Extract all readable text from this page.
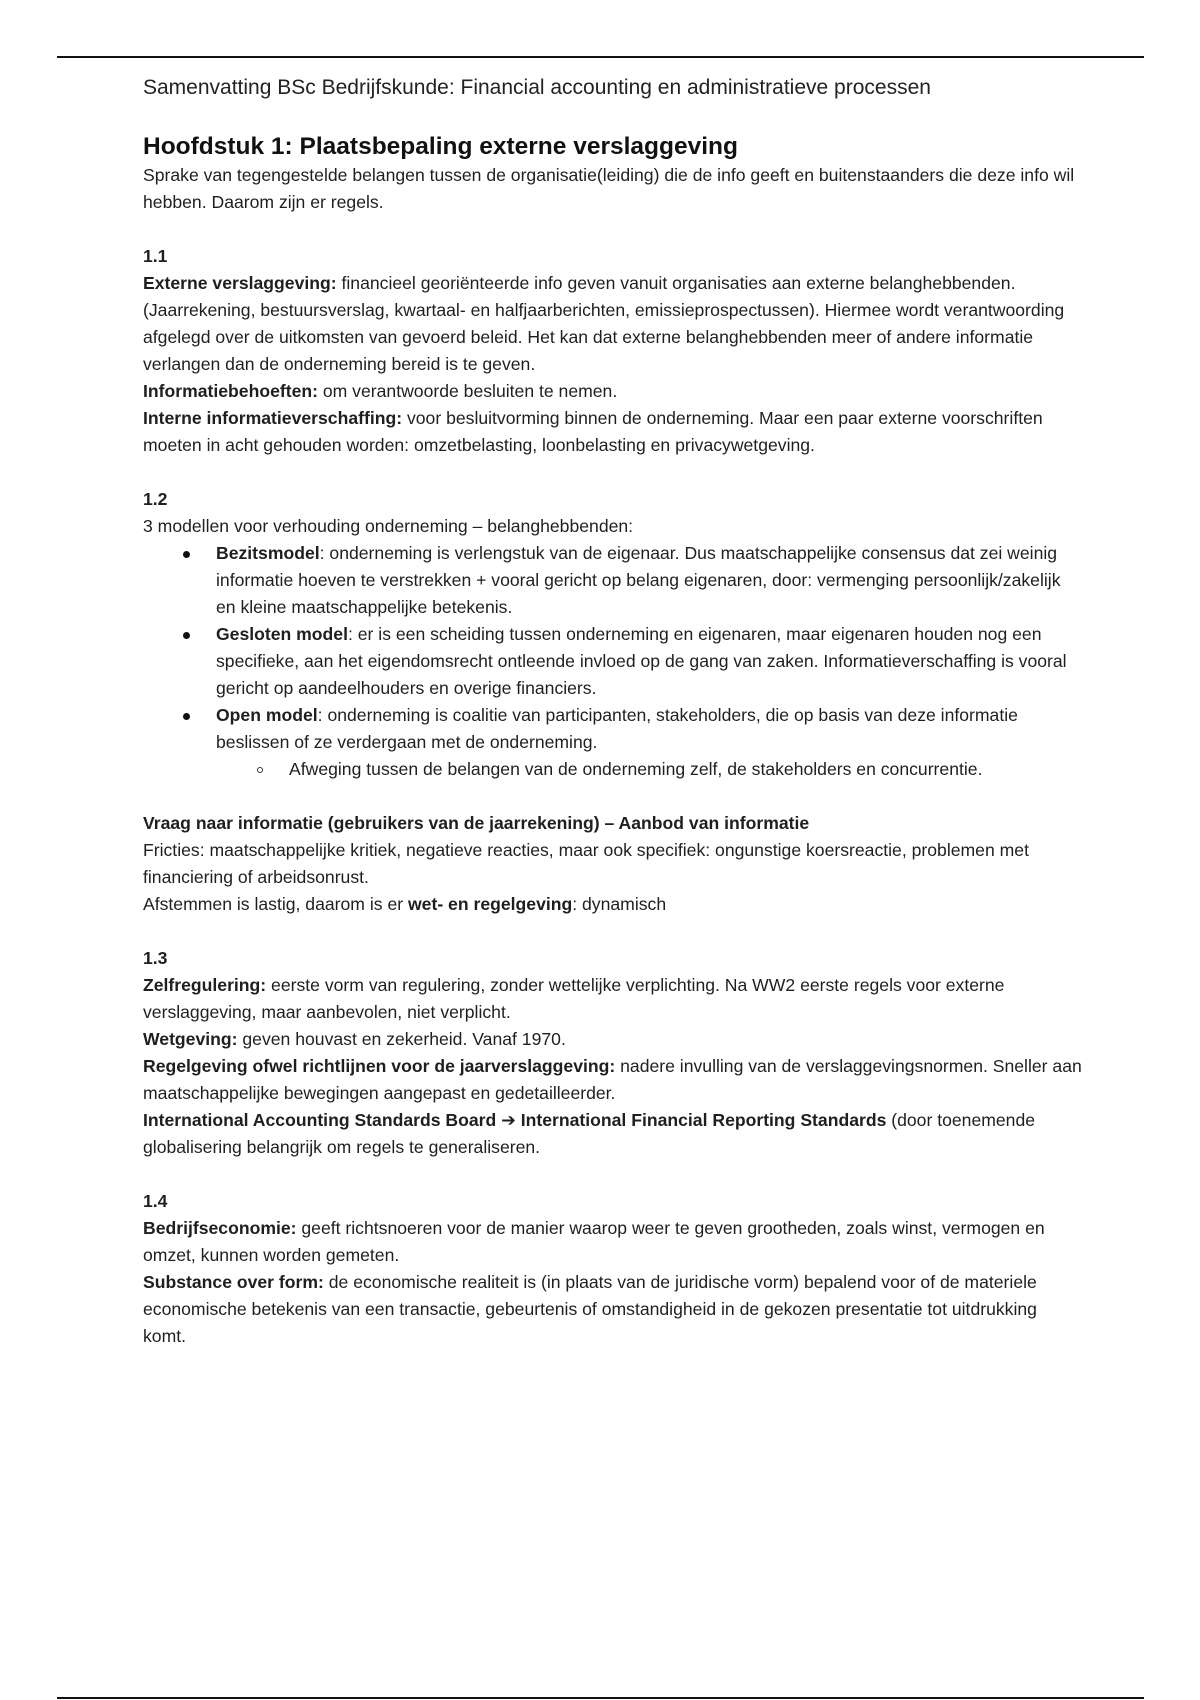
Samenvatting BSc Bedrijfskunde: Financial accounting en administratieve processen
Hoofdstuk 1: Plaatsbepaling externe verslaggeving

Sprake van tegengestelde belangen tussen de organisatie(leiding) die de info geeft en buitenstaanders die deze info wil hebben. Daarom zijn er regels.

1.1

Externe verslaggeving: financieel georiënteerde info geven vanuit organisaties aan externe belanghebbenden. (Jaarrekening, bestuursverslag, kwartaal- en halfjaarberichten, emissieprospectussen). Hiermee wordt verantwoording afgelegd over de uitkomsten van gevoerd beleid. Het kan dat externe belanghebbenden meer of andere informatie verlangen dan de onderneming bereid is te geven.

Informatiebehoeften: om verantwoorde besluiten te nemen.

Interne informatieverschaffing: voor besluitvorming binnen de onderneming. Maar een paar externe voorschriften moeten in acht gehouden worden: omzetbelasting, loonbelasting en privacywetgeving.

1.2

3 modellen voor verhouding onderneming – belanghebbenden:

Bezitsmodel: onderneming is verlengstuk van de eigenaar. Dus maatschappelijke consensus dat zei weinig informatie hoeven te verstrekken + vooral gericht op belang eigenaren, door: vermenging persoonlijk/zakelijk en kleine maatschappelijke betekenis.
Gesloten model: er is een scheiding tussen onderneming en eigenaren, maar eigenaren houden nog een specifieke, aan het eigendomsrecht ontleende invloed op de gang van zaken. Informatieverschaffing is vooral gericht op aandeelhouders en overige financiers.
Open model: onderneming is coalitie van participanten, stakeholders, die op basis van deze informatie beslissen of ze verdergaan met de onderneming.
Afweging tussen de belangen van de onderneming zelf, de stakeholders en concurrentie.
Vraag naar informatie (gebruikers van de jaarrekening) – Aanbod van informatie

Fricties: maatschappelijke kritiek, negatieve reacties, maar ook specifiek: ongunstige koersreactie, problemen met financiering of arbeidsonrust.

Afstemmen is lastig, daarom is er wet- en regelgeving: dynamisch

1.3

Zelfregulering: eerste vorm van regulering, zonder wettelijke verplichting. Na WW2 eerste regels voor externe verslaggeving, maar aanbevolen, niet verplicht.

Wetgeving: geven houvast en zekerheid. Vanaf 1970.

Regelgeving ofwel richtlijnen voor de jaarverslaggeving: nadere invulling van de verslaggevingsnormen. Sneller aan maatschappelijke bewegingen aangepast en gedetailleerder.

International Accounting Standards Board ➔ International Financial Reporting Standards (door toenemende globalisering belangrijk om regels te generaliseren.

1.4

Bedrijfseconomie: geeft richtsnoeren voor de manier waarop weer te geven grootheden, zoals winst, vermogen en omzet, kunnen worden gemeten.

Substance over form: de economische realiteit is (in plaats van de juridische vorm) bepalend voor of de materiele economische betekenis van een transactie, gebeurtenis of omstandigheid in de gekozen presentatie tot uitdrukking komt.
